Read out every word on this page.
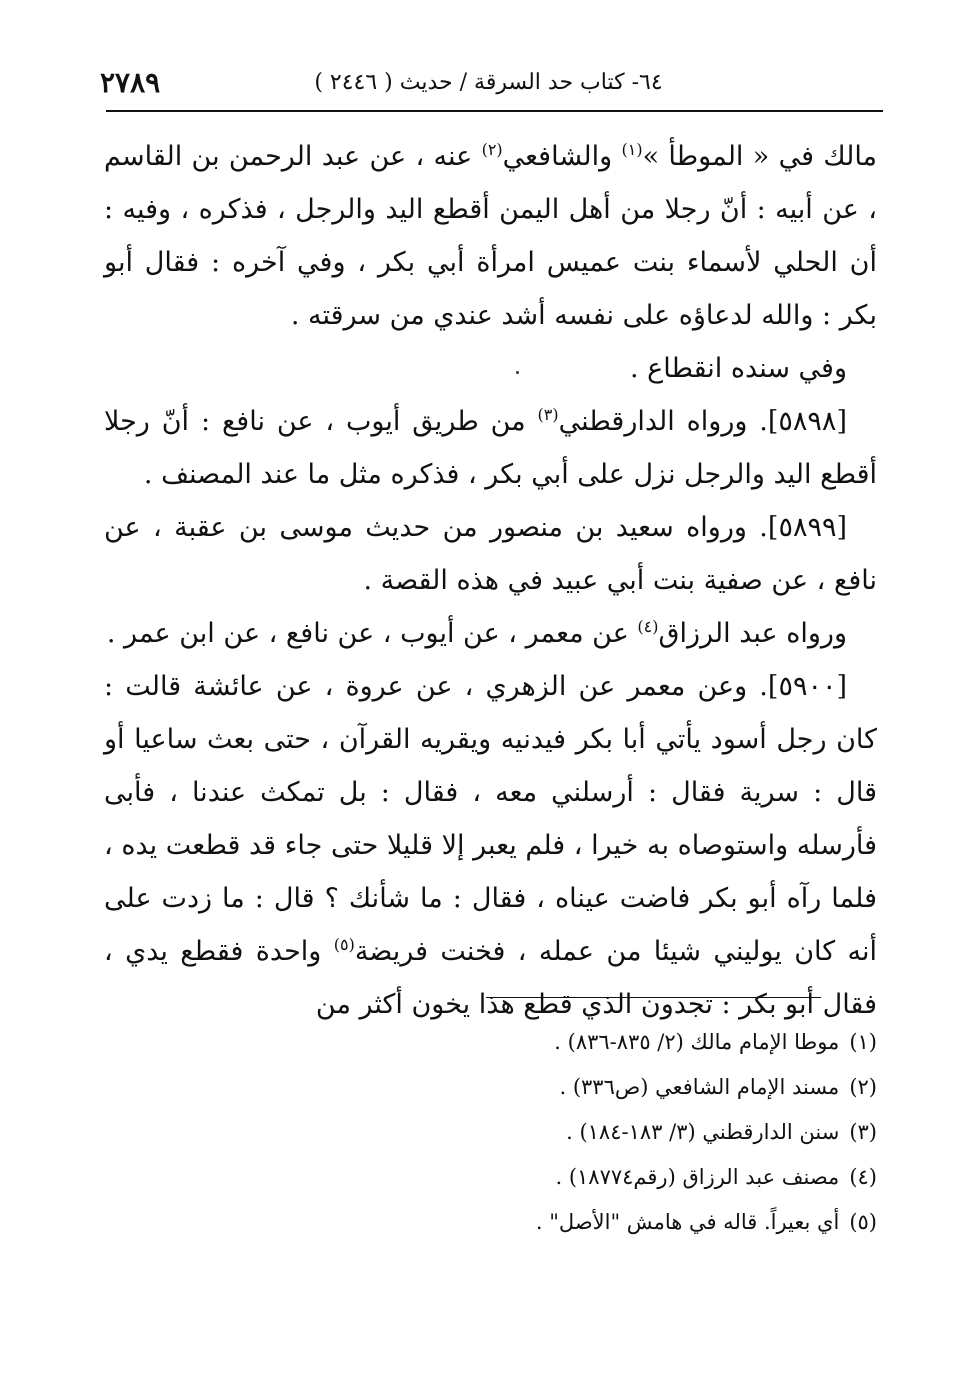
٦٤- كتاب حد السرقة / حديث ( ٢٤٤٦ )
٢٧٨٩

مالك في « الموطأ »$^{(١)}$ والشافعي$^{(٢)}$ عنه ، عن عبد الرحمن بن القاسم ، عن أبيه : أنّ رجلا من أهل اليمن أقطع اليد والرجل ، فذكره ، وفيه : أن الحلي لأسماء بنت عميس امرأة أبي بكر ، وفي آخره : فقال أبو بكر : والله لدعاؤه على نفسه أشد عندي من سرقته .

وفي سنده انقطاع .

[٥٨٩٨]. ورواه الدارقطني$^{(٣)}$ من طريق أيوب ، عن نافع : أنّ رجلا أقطع اليد والرجل نزل على أبي بكر ، فذكره مثل ما عند المصنف .

[٥٨٩٩]. ورواه سعيد بن منصور من حديث موسى بن عقبة ، عن نافع ، عن صفية بنت أبي عبيد في هذه القصة .

ورواه عبد الرزاق$^{(٤)}$ عن معمر ، عن أيوب ، عن نافع ، عن ابن عمر .

[٥٩٠٠]. وعن معمر عن الزهري ، عن عروة ، عن عائشة قالت : كان رجل أسود يأتي أبا بكر فيدنيه ويقريه القرآن ، حتى بعث ساعيا أو قال : سرية فقال : أرسلني معه ، فقال : بل تمكث عندنا ، فأبى فأرسله واستوصاه به خيرا ، فلم يعبر إلا قليلا حتى جاء قد قطعت يده ، فلما رآه أبو بكر فاضت عيناه ، فقال : ما شأنك ؟ قال : ما زدت على أنه كان يوليني شيئا من عمله ، فخنت فريضة$^{(٥)}$ واحدة فقطع يدي ، فقال أبو بكر : تجدون الذي قطع هذا يخون أكثر من

(١)موطا الإمام مالك (٢/ ٨٣٥-٨٣٦) .
(٢)مسند الإمام الشافعي (ص٣٣٦) .
(٣)سنن الدارقطني (٣/ ١٨٣-١٨٤) .
(٤)مصنف عبد الرزاق (رقم١٨٧٧٤) .
(٥)أي بعيراً. قاله في هامش "الأصل" .
